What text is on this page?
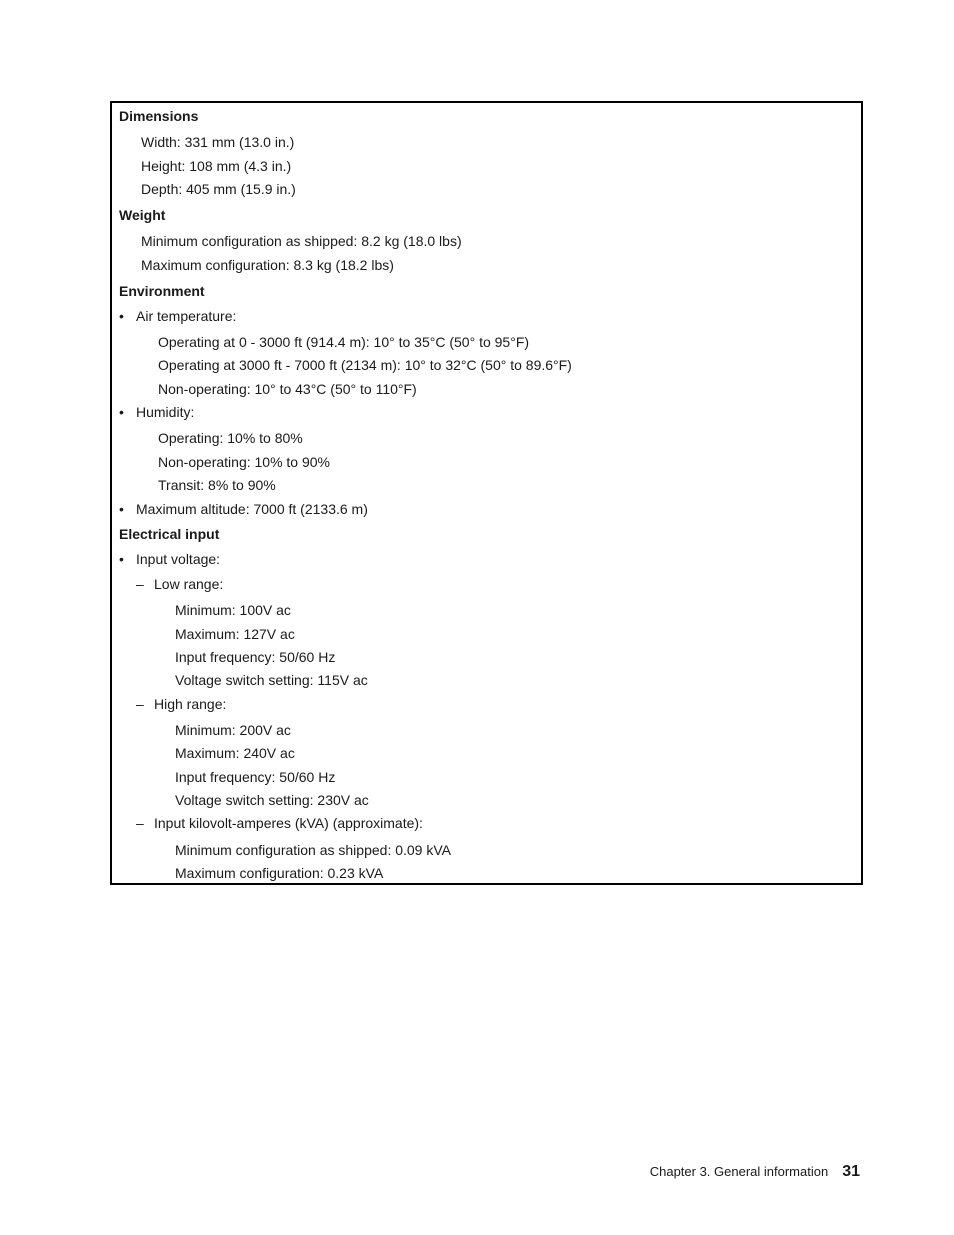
Dimensions
Width: 331 mm (13.0 in.)
Height: 108 mm (4.3 in.)
Depth: 405 mm (15.9 in.)
Weight
Minimum configuration as shipped: 8.2 kg (18.0 lbs)
Maximum configuration: 8.3 kg (18.2 lbs)
Environment
• Air temperature:
Operating at 0 - 3000 ft (914.4 m): 10° to 35°C (50° to 95°F)
Operating at 3000 ft - 7000 ft (2134 m): 10° to 32°C (50° to 89.6°F)
Non-operating: 10° to 43°C (50° to 110°F)
• Humidity:
Operating: 10% to 80%
Non-operating: 10% to 90%
Transit: 8% to 90%
• Maximum altitude: 7000 ft (2133.6 m)
Electrical input
• Input voltage:
– Low range:
Minimum: 100V ac
Maximum: 127V ac
Input frequency: 50/60 Hz
Voltage switch setting: 115V ac
– High range:
Minimum: 200V ac
Maximum: 240V ac
Input frequency: 50/60 Hz
Voltage switch setting: 230V ac
– Input kilovolt-amperes (kVA) (approximate):
Minimum configuration as shipped: 0.09 kVA
Maximum configuration: 0.23 kVA
Chapter 3. General information 31
